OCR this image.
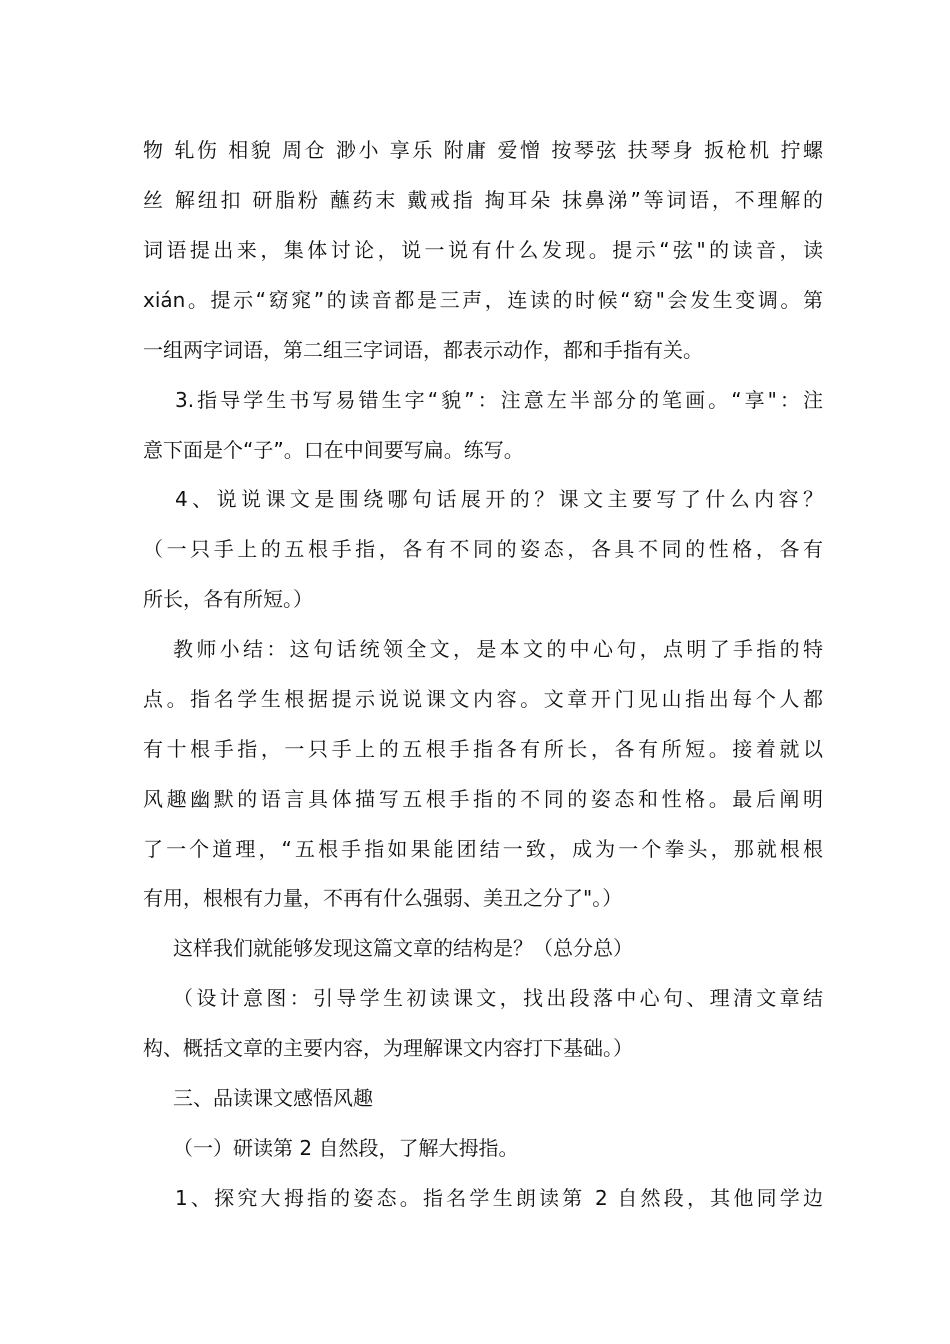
物 轧伤 相貌 周仓 渺小 享乐 附庸 爱憎 按琴弦 扶琴身 扳枪机 拧螺

丝 解纽扣 研脂粉 蘸药末 戴戒指 掏耳朵 抹鼻涕”等词语，不理解的

词语提出来，集体讨论，说一说有什么发现。提示“弦"的读音，读

xián。提示“窈窕”的读音都是三声，连读的时候“窈"会发生变调。第

一组两字词语，第二组三字词语，都表示动作，都和手指有关。

3.指导学生书写易错生字“貌”：注意左半部分的笔画。“享"：注

意下面是个“子”。口在中间要写扁。练写。

4、说说课文是围绕哪句话展开的？课文主要写了什么内容？

（一只手上的五根手指，各有不同的姿态，各具不同的性格，各有

所长，各有所短。）

教师小结：这句话统领全文，是本文的中心句，点明了手指的特

点。指名学生根据提示说说课文内容。文章开门见山指出每个人都

有十根手指，一只手上的五根手指各有所长，各有所短。接着就以

风趣幽默的语言具体描写五根手指的不同的姿态和性格。最后阐明

了一个道理，“五根手指如果能团结一致，成为一个拳头，那就根根

有用，根根有力量，不再有什么强弱、美丑之分了"。）

这样我们就能够发现这篇文章的结构是？（总分总）

（设计意图：引导学生初读课文，找出段落中心句、理清文章结

构、概括文章的主要内容，为理解课文内容打下基础。）

三、品读课文感悟风趣

（一）研读第 2 自然段，了解大拇指。

1、探究大拇指的姿态。指名学生朗读第 2 自然段，其他同学边
